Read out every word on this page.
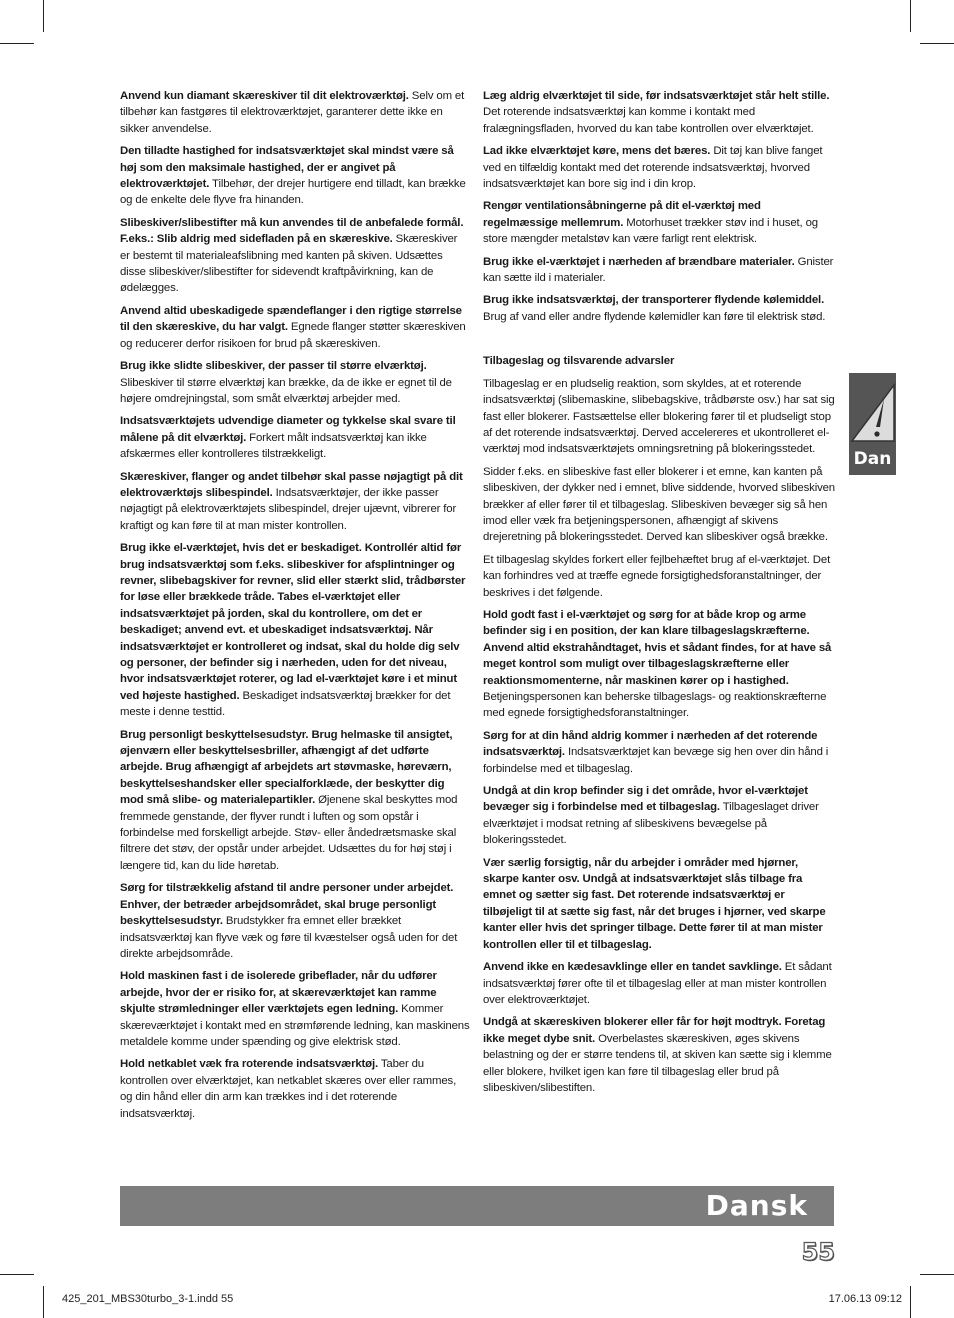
Anvend kun diamant skæreskiver til dit elektroværktøj. Selv om et tilbehør kan fastgøres til elektroværktøjet, garanterer dette ikke en sikker anvendelse.

Den tilladte hastighed for indsatsværktøjet skal mindst være så høj som den maksimale hastighed, der er angivet på elektroværktøjet. Tilbehør, der drejer hurtigere end tilladt, kan brække og de enkelte dele flyve fra hinanden.

Slibeskiver/slibestifter må kun anvendes til de anbefalede formål. F.eks.: Slib aldrig med sidefladen på en skæreskive. Skæreskiver er bestemt til materialeafslibning med kanten på skiven. Udsættes disse slibeskiver/slibestifter for sidevendt kraftpåvirkning, kan de ødelægges.

Anvend altid ubeskadigede spændeflanger i den rigtige størrelse til den skæreskive, du har valgt. Egnede flanger støtter skæreskiven og reducerer derfor risikoen for brud på skæreskiven.

Brug ikke slidte slibeskiver, der passer til større elværktøj. Slibeskiver til større elværktøj kan brække, da de ikke er egnet til de højere omdrejningstal, som småt elværktøj arbejder med.

Indsatsværktøjets udvendige diameter og tykkelse skal svare til målene på dit elværktøj. Forkert målt indsatsværktøj kan ikke afskærmes eller kontrolleres tilstrækkeligt.

Skæreskiver, flanger og andet tilbehør skal passe nøjagtigt på dit elektroværktøjs slibespindel. Indsatsværktøjer, der ikke passer nøjagtigt på elektroværktøjets slibespindel, drejer ujævnt, vibrerer for kraftigt og kan føre til at man mister kontrollen.

Brug ikke el-værktøjet, hvis det er beskadiget. Kontrollér altid før brug indsatsværktøj som f.eks. slibeskiver for afsplintninger og revner, slibebagskiver for revner, slid eller stærkt slid, trådbørster for løse eller brækkede tråde. Tabes el-værktøjet eller indsatsværktøjet på jorden, skal du kontrollere, om det er beskadiget; anvend evt. et ubeskadiget indsatsværktøj. Når indsatsværktøjet er kontrolleret og indsat, skal du holde dig selv og personer, der befinder sig i nærheden, uden for det niveau, hvor indsatsværktøjet roterer, og lad el-værktøjet køre i et minut ved højeste hastighed. Beskadiget indsatsværktøj brækker for det meste i denne testtid.

Brug personligt beskyttelsesudstyr. Brug helmaske til ansigtet, øjenværn eller beskyttelsesbriller, afhængigt af det udførte arbejde. Brug afhængigt af arbejdets art støvmaske, høreværn, beskyttelseshandsker eller specialforklæde, der beskytter dig mod små slibe- og materialepartikler. Øjenene skal beskyttes mod fremmede genstande, der flyver rundt i luften og som opstår i forbindelse med forskelligt arbejde. Støv- eller åndedrætsmaske skal filtrere det støv, der opstår under arbejdet. Udsættes du for høj støj i længere tid, kan du lide høretab.

Sørg for tilstrækkelig afstand til andre personer under arbejdet. Enhver, der betræder arbejdsområdet, skal bruge personligt beskyttelsesudstyr. Brudstykker fra emnet eller brækket indsatsværktøj kan flyve væk og føre til kvæstelser også uden for det direkte arbejdsområde.

Hold maskinen fast i de isolerede gribeflader, når du udfører arbejde, hvor der er risiko for, at skæreværktøjet kan ramme skjulte strømledninger eller værktøjets egen ledning. Kommer skæreværktøjet i kontakt med en strømførende ledning, kan maskinens metaldele komme under spænding og give elektrisk stød.

Hold netkablet væk fra roterende indsatsværktøj. Taber du kontrollen over elværktøjet, kan netkablet skæres over eller rammes, og din hånd eller din arm kan trækkes ind i det roterende indsatsværktøj.

Læg aldrig elværktøjet til side, før indsatsværktøjet står helt stille. Det roterende indsatsværktøj kan komme i kontakt med fralægningsfladen, hvorved du kan tabe kontrollen over elværktøjet.

Lad ikke elværktøjet køre, mens det bæres. Dit tøj kan blive fanget ved en tilfældig kontakt med det roterende indsatsværktøj, hvorved indsatsværktøjet kan bore sig ind i din krop.

Rengør ventilationsåbningerne på dit el-værktøj med regelmæssige mellemrum. Motorhuset trækker støv ind i huset, og store mængder metalstøv kan være farligt rent elektrisk.

Brug ikke el-værktøjet i nærheden af brændbare materialer. Gnister kan sætte ild i materialer.

Brug ikke indsatsværktøj, der transporterer flydende kølemiddel. Brug af vand eller andre flydende kølemidler kan føre til elektrisk stød.

Tilbageslag og tilsvarende advarsler

Tilbageslag er en pludselig reaktion, som skyldes, at et roterende indsatsværktøj (slibemaskine, slibebagskive, trådbørste osv.) har sat sig fast eller blokerer. Fastsættelse eller blokering fører til et pludseligt stop af det roterende indsatsværktøj. Derved accelereres et ukontrolleret el-værktøj mod indsatsværktøjets omningsretning på blokeringsstedet.

Sidder f.eks. en slibeskive fast eller blokerer i et emne, kan kanten på slibeskiven, der dykker ned i emnet, blive siddende, hvorved slibeskiven brækker af eller fører til et tilbageslag. Slibeskiven bevæger sig så hen imod eller væk fra betjeningspersonen, afhængigt af skivens drejeretning på blokeringsstedet. Derved kan slibeskiver også brække.

Et tilbageslag skyldes forkert eller fejlbehæftet brug af el-værktøjet. Det kan forhindres ved at træffe egnede forsigtighedsforanstaltninger, der beskrives i det følgende.

Hold godt fast i el-værktøjet og sørg for at både krop og arme befinder sig i en position, der kan klare tilbageslagskræfterne. Anvend altid ekstrahåndtaget, hvis et sådant findes, for at have så meget kontrol som muligt over tilbageslagskræfterne eller reaktionsmomenterne, når maskinen kører op i hastighed. Betjeningspersonen kan beherske tilbageslags- og reaktionskræfterne med egnede forsigtighedsforanstaltninger.

Sørg for at din hånd aldrig kommer i nærheden af det roterende indsatsværktøj. Indsatsværktøjet kan bevæge sig hen over din hånd i forbindelse med et tilbageslag.

Undgå at din krop befinder sig i det område, hvor el-værktøjet bevæger sig i forbindelse med et tilbageslag. Tilbageslaget driver elværktøjet i modsat retning af slibeskivens bevægelse på blokeringsstedet.

Vær særlig forsigtig, når du arbejder i områder med hjørner, skarpe kanter osv. Undgå at indsatsværktøjet slås tilbage fra emnet og sætter sig fast. Det roterende indsatsværktøj er tilbøjeligt til at sætte sig fast, når det bruges i hjørner, ved skarpe kanter eller hvis det springer tilbage. Dette fører til at man mister kontrollen eller til et tilbageslag.

Anvend ikke en kædesavklinge eller en tandet savklinge. Et sådant indsatsværktøj fører ofte til et tilbageslag eller at man mister kontrollen over elektroværktøjet.

Undgå at skæreskiven blokerer eller får for højt modtryk. Foretag ikke meget dybe snit. Overbelastes skæreskiven, øges skivens belastning og der er større tendens til, at skiven kan sætte sig i klemme eller blokere, hvilket igen kan føre til tilbageslag eller brud på slibeskiven/slibestiften.

Dan
Dansk
55
425_201_MBS30turbo_3-1.indd 55	17.06.13 09:12
